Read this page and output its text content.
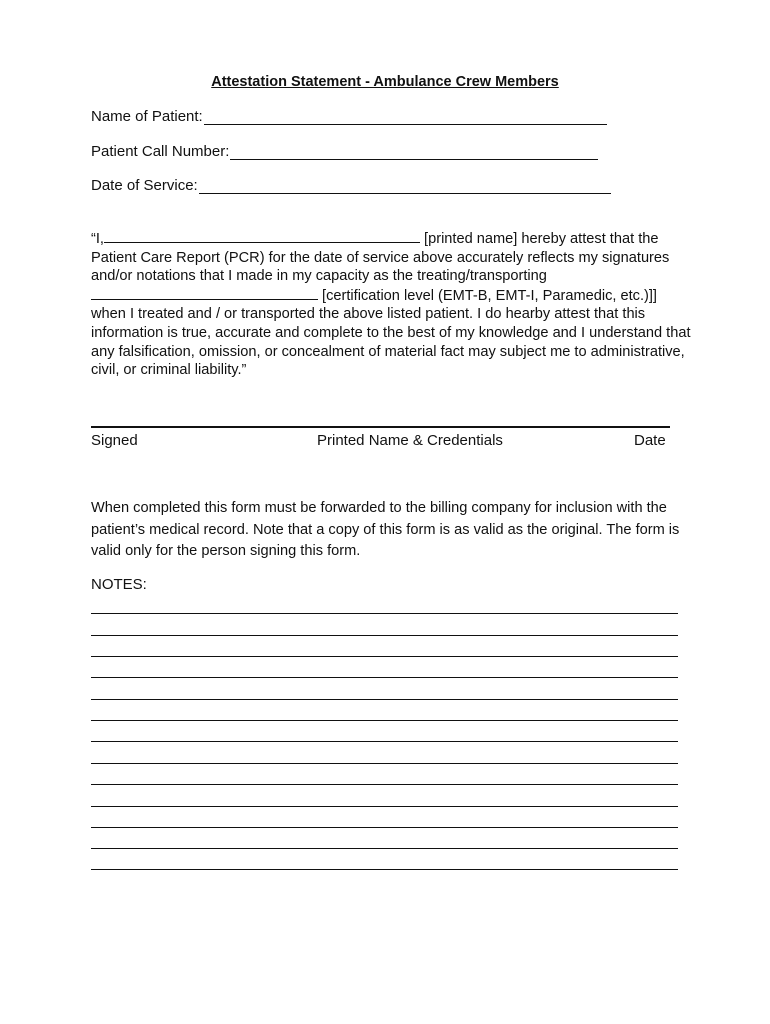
Attestation Statement - Ambulance Crew Members
Name of Patient:
Patient Call Number:
Date of Service:
“I,	[printed name] hereby attest that the Patient Care Report (PCR) for the date of service above accurately reflects my signatures and/or notations that I made in my capacity as the treating/transporting  [certification level (EMT-B, EMT-I, Paramedic, etc.)]] when I treated and / or transported the above listed patient. I do hearby attest that this information is true, accurate and complete to the best of my knowledge and I understand that any falsification, omission, or concealment of material fact may subject me to administrative, civil, or criminal liability.”
Signed	Printed Name & Credentials	Date
When completed this form must be forwarded to the billing company for inclusion with the patient’s medical record. Note that a copy of this form is as valid as the original. The form is valid only for the person signing this form.
NOTES:
